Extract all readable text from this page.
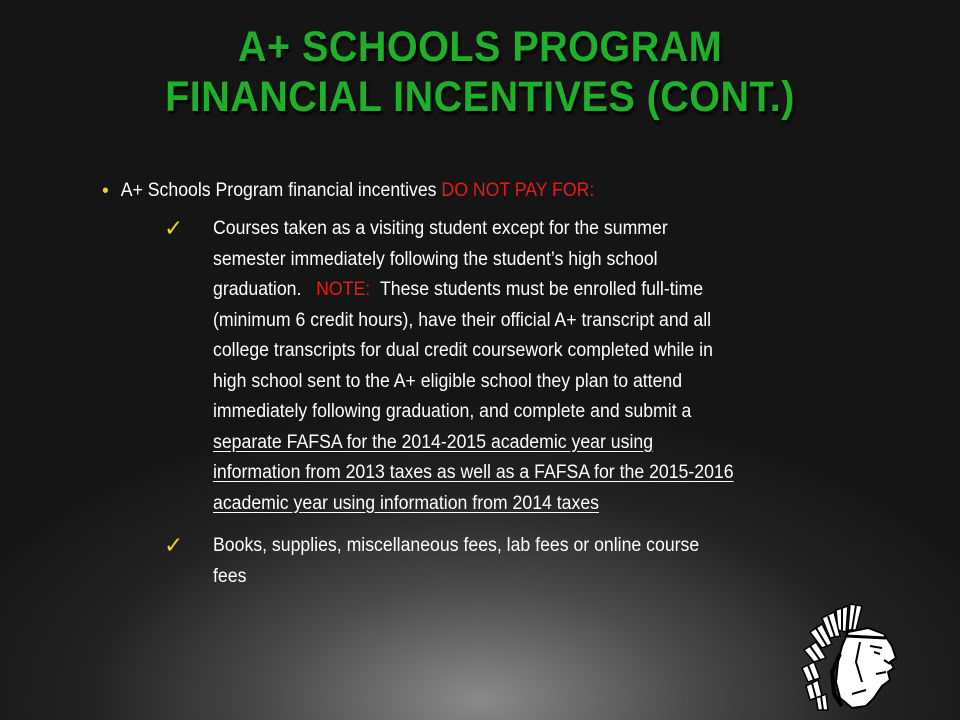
A+ SCHOOLS PROGRAM
FINANCIAL INCENTIVES (CONT.)
• A+ Schools Program financial incentives DO NOT PAY FOR:
✓ Courses taken as a visiting student except for the summer
semester immediately following the student’s high school
graduation. NOTE: These students must be enrolled full-time
(minimum 6 credit hours), have their official A+ transcript and all
college transcripts for dual credit coursework completed while in
high school sent to the A+ eligible school they plan to attend
immediately following graduation, and complete and submit a
separate FAFSA for the 2014-2015 academic year using
information from 2013 taxes as well as a FAFSA for the 2015-2016
academic year using information from 2014 taxes
✓ Books, supplies, miscellaneous fees, lab fees or online course
fees
